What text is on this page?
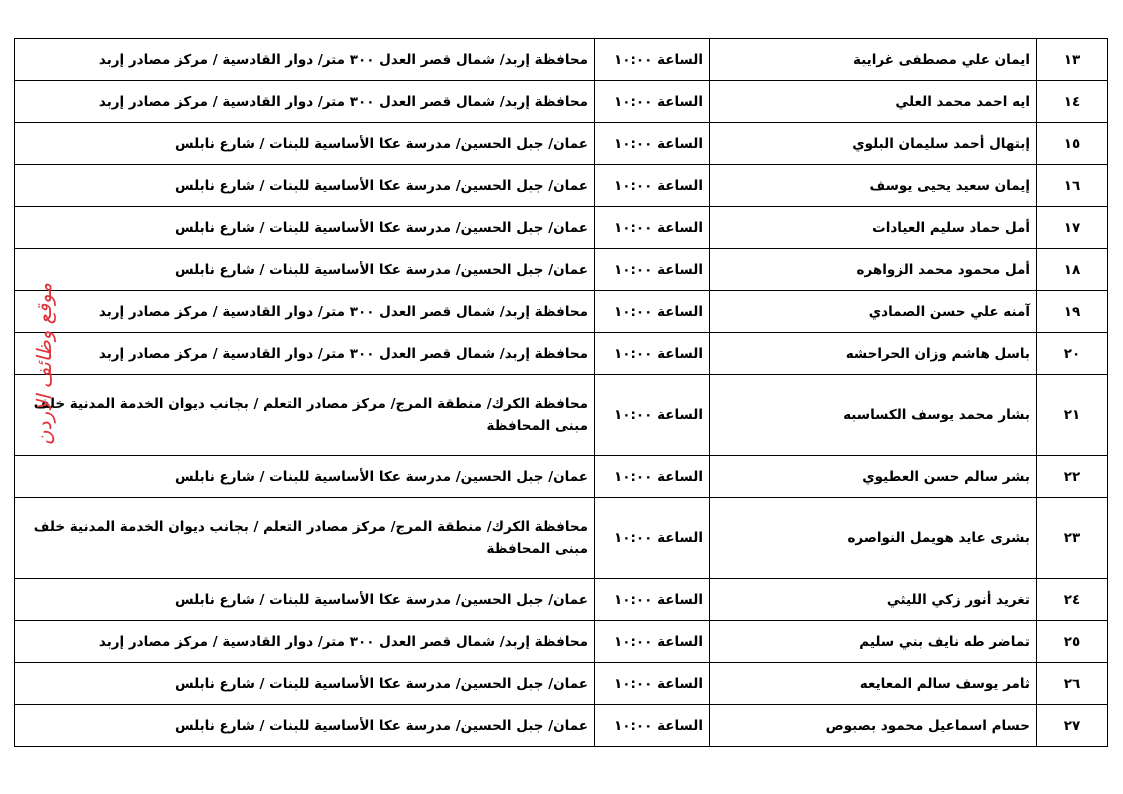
١٣	ايمان علي مصطفى غرايبة	الساعة ١٠:٠٠	محافظة إربد/ شمال قصر العدل ٣٠٠ متر/ دوار القادسية / مركز مصادر إربد
١٤	ايه احمد محمد العلي	الساعة ١٠:٠٠	محافظة إربد/ شمال قصر العدل ٣٠٠ متر/ دوار القادسية / مركز مصادر إربد
١٥	إبتهال أحمد سليمان البلوي	الساعة ١٠:٠٠	عمان/ جبل الحسين/ مدرسة عكا الأساسية للبنات / شارع نابلس
١٦	إيمان سعيد يحيى يوسف	الساعة ١٠:٠٠	عمان/ جبل الحسين/ مدرسة عكا الأساسية للبنات / شارع نابلس
١٧	أمل حماد سليم العيادات	الساعة ١٠:٠٠	عمان/ جبل الحسين/ مدرسة عكا الأساسية للبنات / شارع نابلس
١٨	أمل محمود محمد الزواهره	الساعة ١٠:٠٠	عمان/ جبل الحسين/ مدرسة عكا الأساسية للبنات / شارع نابلس
١٩	آمنه علي حسن الصمادي	الساعة ١٠:٠٠	محافظة إربد/ شمال قصر العدل ٣٠٠ متر/ دوار القادسية / مركز مصادر إربد
٢٠	باسل هاشم وزان الحراحشه	الساعة ١٠:٠٠	محافظة إربد/ شمال قصر العدل ٣٠٠ متر/ دوار القادسية / مركز مصادر إربد
٢١	بشار محمد يوسف الكساسبه	الساعة ١٠:٠٠	محافظة الكرك/ منطقة المرج/ مركز مصادر التعلم / بجانب ديوان الخدمة المدنية خلف مبنى المحافظة
٢٢	بشر سالم حسن العطيوي	الساعة ١٠:٠٠	عمان/ جبل الحسين/ مدرسة عكا الأساسية للبنات / شارع نابلس
٢٣	بشرى عايد هويمل النواصره	الساعة ١٠:٠٠	محافظة الكرك/ منطقة المرج/ مركز مصادر التعلم / بجانب ديوان الخدمة المدنية خلف مبنى المحافظة
٢٤	تغريد أنور زكي الليثي	الساعة ١٠:٠٠	عمان/ جبل الحسين/ مدرسة عكا الأساسية للبنات / شارع نابلس
٢٥	تماضر طه نايف بني سليم	الساعة ١٠:٠٠	محافظة إربد/ شمال قصر العدل ٣٠٠ متر/ دوار القادسية / مركز مصادر إربد
٢٦	ثامر يوسف سالم المعايعه	الساعة ١٠:٠٠	عمان/ جبل الحسين/ مدرسة عكا الأساسية للبنات / شارع نابلس
٢٧	حسام اسماعيل محمود بصبوص	الساعة ١٠:٠٠	عمان/ جبل الحسين/ مدرسة عكا الأساسية للبنات / شارع نابلس
موقع وظائف الاردن
